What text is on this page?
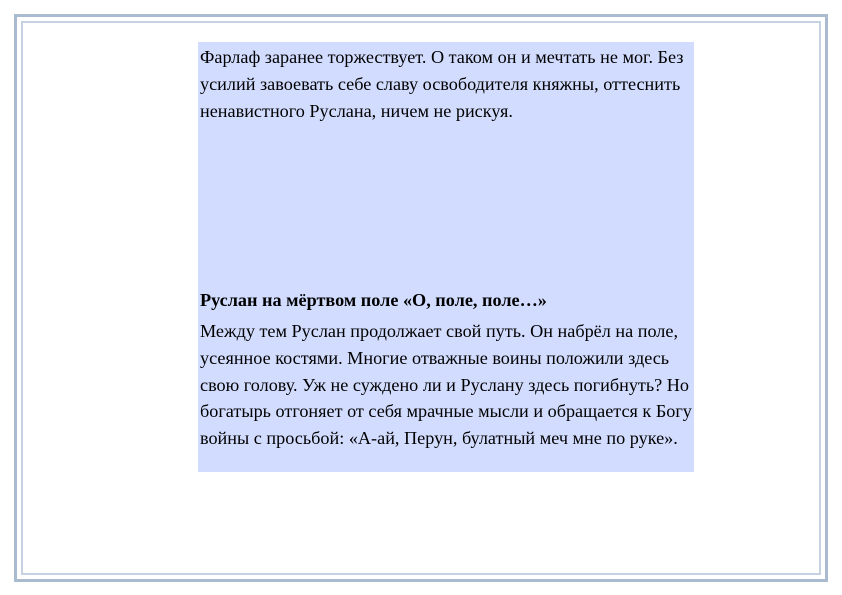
Фарлаф заранее торжествует. О таком он и мечтать не мог. Без усилий завоевать себе славу освободителя княжны, оттеснить ненавистного Руслана, ничем не рискуя.

Руслан на мёртвом поле «О, поле, поле…»

Между тем Руслан продолжает свой путь. Он набрёл на поле, усеянное костями. Многие отважные воины положили здесь свою голову. Уж не суждено ли и Руслану здесь погибнуть? Но богатырь отгоняет от себя мрачные мысли и обращается к Богу войны с просьбой: «А-ай, Перун, булатный меч мне по руке».
